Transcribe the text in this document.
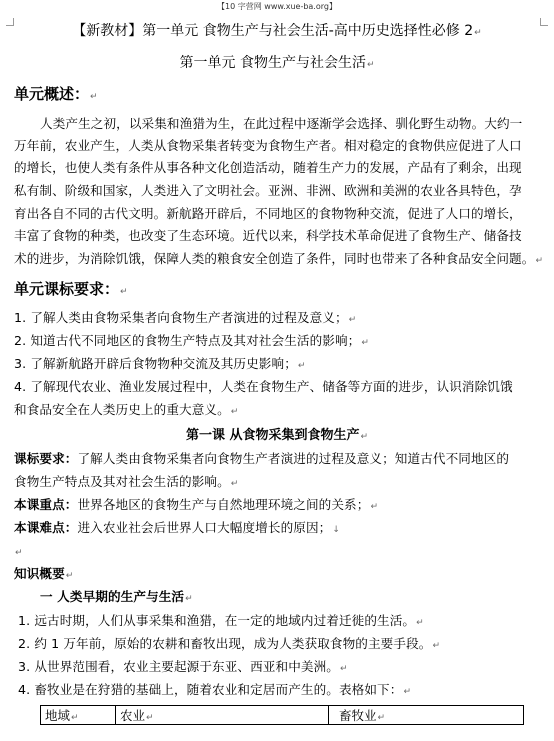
【10 字营网 www.xue-ba.org】
【新教材】第一单元 食物生产与社会生活-高中历史选择性必修 2↵
第一单元 食物生产与社会生活↵
单元概述：↵
人类产生之初，以采集和渔猎为生，在此过程中逐渐学会选择、驯化野生动物。大约一
万年前，农业产生，人类从食物采集者转变为食物生产者。相对稳定的食物供应促进了人口
的增长，也使人类有条件从事各种文化创造活动，随着生产力的发展，产品有了剩余，出现
私有制、阶级和国家，人类进入了文明社会。亚洲、非洲、欧洲和美洲的农业各具特色，孕
育出各自不同的古代文明。新航路开辟后，不同地区的食物物种交流，促进了人口的增长，
丰富了食物的种类，也改变了生态环境。近代以来，科学技术革命促进了食物生产、储备技
术的进步，为消除饥饿，保障人类的粮食安全创造了条件，同时也带来了各种食品安全问题。↵
单元课标要求：↵
1. 了解人类由食物采集者向食物生产者演进的过程及意义；↵
2. 知道古代不同地区的食物生产特点及其对社会生活的影响；↵
3. 了解新航路开辟后食物物种交流及其历史影响；↵
4. 了解现代农业、渔业发展过程中，人类在食物生产、储备等方面的进步，认识消除饥饿
和食品安全在人类历史上的重大意义。↵
第一课 从食物采集到食物生产↵
课标要求：了解人类由食物采集者向食物生产者演进的过程及意义；知道古代不同地区的
食物生产特点及其对社会生活的影响。↵
本课重点：世界各地区的食物生产与自然地理环境之间的关系；↵
本课难点：进入农业社会后世界人口大幅度增长的原因；↓
↵
知识概要↵
一 人类早期的生产与生活↵
1. 远古时期，人们从事采集和渔猎，在一定的地域内过着迁徙的生活。↵
2. 约 1 万年前，原始的农耕和畜牧出现，成为人类获取食物的主要手段。↵
3. 从世界范围看，农业主要起源于东亚、西亚和中美洲。↵
4. 畜牧业是在狩猎的基础上，随着农业和定居而产生的。表格如下：↵
地域↵	农业↵	畜牧业↵
